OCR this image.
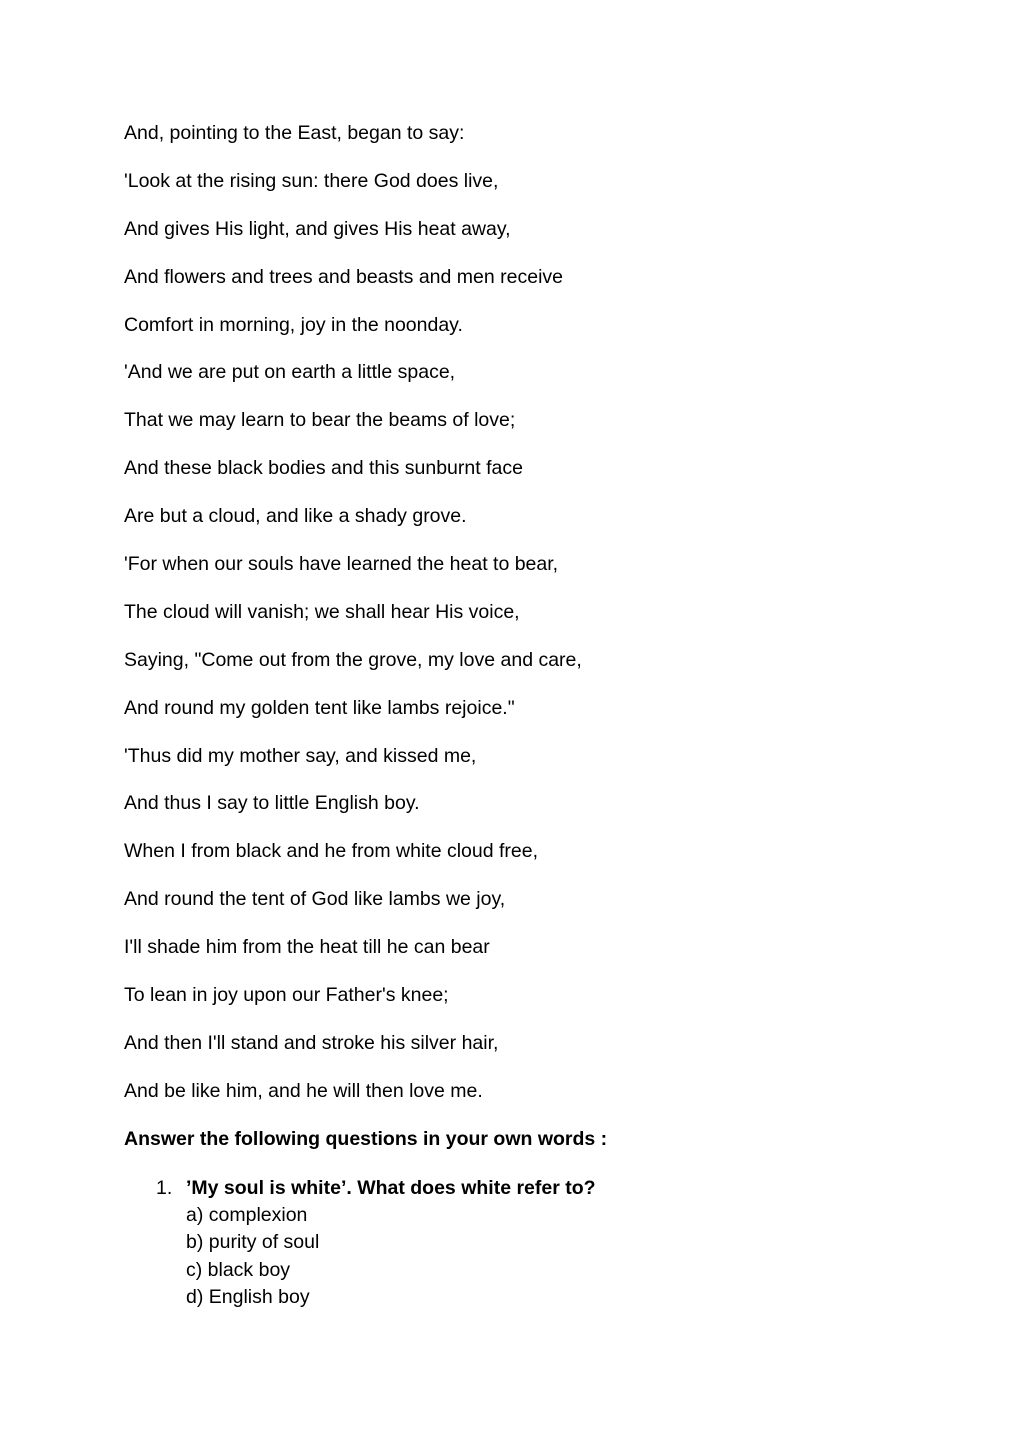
And, pointing to the East, began to say:

'Look at the rising sun: there God does live,

And gives His light, and gives His heat away,

And flowers and trees and beasts and men receive

Comfort in morning, joy in the noonday.

'And we are put on earth a little space,

That we may learn to bear the beams of love;

And these black bodies and this sunburnt face

Are but a cloud, and like a shady grove.

'For when our souls have learned the heat to bear,

The cloud will vanish; we shall hear His voice,

Saying, "Come out from the grove, my love and care,

And round my golden tent like lambs rejoice."

'Thus did my mother say, and kissed me,

And thus I say to little English boy.

When I from black and he from white cloud free,

And round the tent of God like lambs we joy,

I'll shade him from the heat till he can bear

To lean in joy upon our Father's knee;

And then I'll stand and stroke his silver hair,

And be like him, and he will then love me.

Answer the following questions in your own words :

1. ’My soul is white’. What does white refer to?
a) complexion
b) purity of soul
c) black boy
d) English boy
